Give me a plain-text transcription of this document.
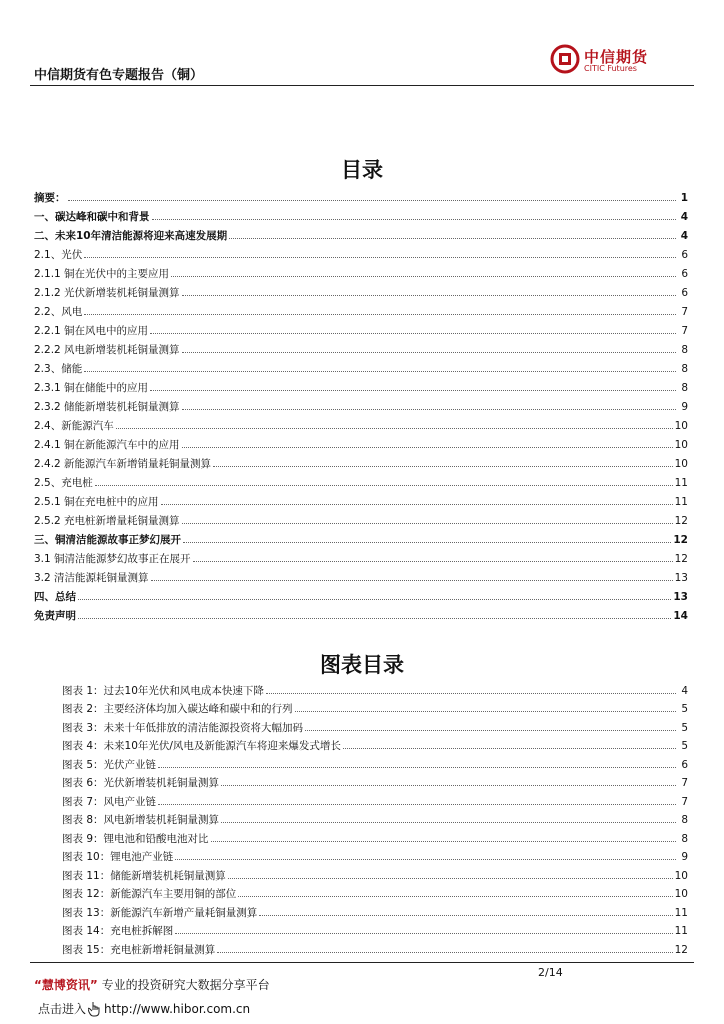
中信期货有色专题报告（铜）
中信期货
CITIC Futures
目录
摘要：	1
一、碳达峰和碳中和背景	4
二、未来10年清洁能源将迎来高速发展期	4
2.1、光伏	6
2.1.1 铜在光伏中的主要应用	6
2.1.2 光伏新增装机耗铜量测算	6
2.2、风电	7
2.2.1 铜在风电中的应用	7
2.2.2 风电新增装机耗铜量测算	8
2.3、储能	8
2.3.1 铜在储能中的应用	8
2.3.2 储能新增装机耗铜量测算	9
2.4、新能源汽车	10
2.4.1 铜在新能源汽车中的应用	10
2.4.2 新能源汽车新增销量耗铜量测算	10
2.5、充电桩	11
2.5.1 铜在充电桩中的应用	11
2.5.2 充电桩新增量耗铜量测算	12
三、铜清洁能源故事正梦幻展开	12
3.1 铜清洁能源梦幻故事正在展开	12
3.2 清洁能源耗铜量测算	13
四、总结	13
免责声明	14
图表目录
图表 1： 过去10年光伏和风电成本快速下降	4
图表 2： 主要经济体均加入碳达峰和碳中和的行列	5
图表 3： 未来十年低排放的清洁能源投资将大幅加码	5
图表 4： 未来10年光伏/风电及新能源汽车将迎来爆发式增长	5
图表 5： 光伏产业链	6
图表 6： 光伏新增装机耗铜量测算	7
图表 7： 风电产业链	7
图表 8： 风电新增装机耗铜量测算	8
图表 9： 锂电池和铅酸电池对比	8
图表 10： 锂电池产业链	9
图表 11： 储能新增装机耗铜量测算	10
图表 12： 新能源汽车主要用铜的部位	10
图表 13： 新能源汽车新增产量耗铜量测算	11
图表 14： 充电桩拆解图	11
图表 15： 充电桩新增耗铜量测算	12
2/14
“慧博资讯” 专业的投资研究大数据分享平台
点击进入 http://www.hibor.com.cn
